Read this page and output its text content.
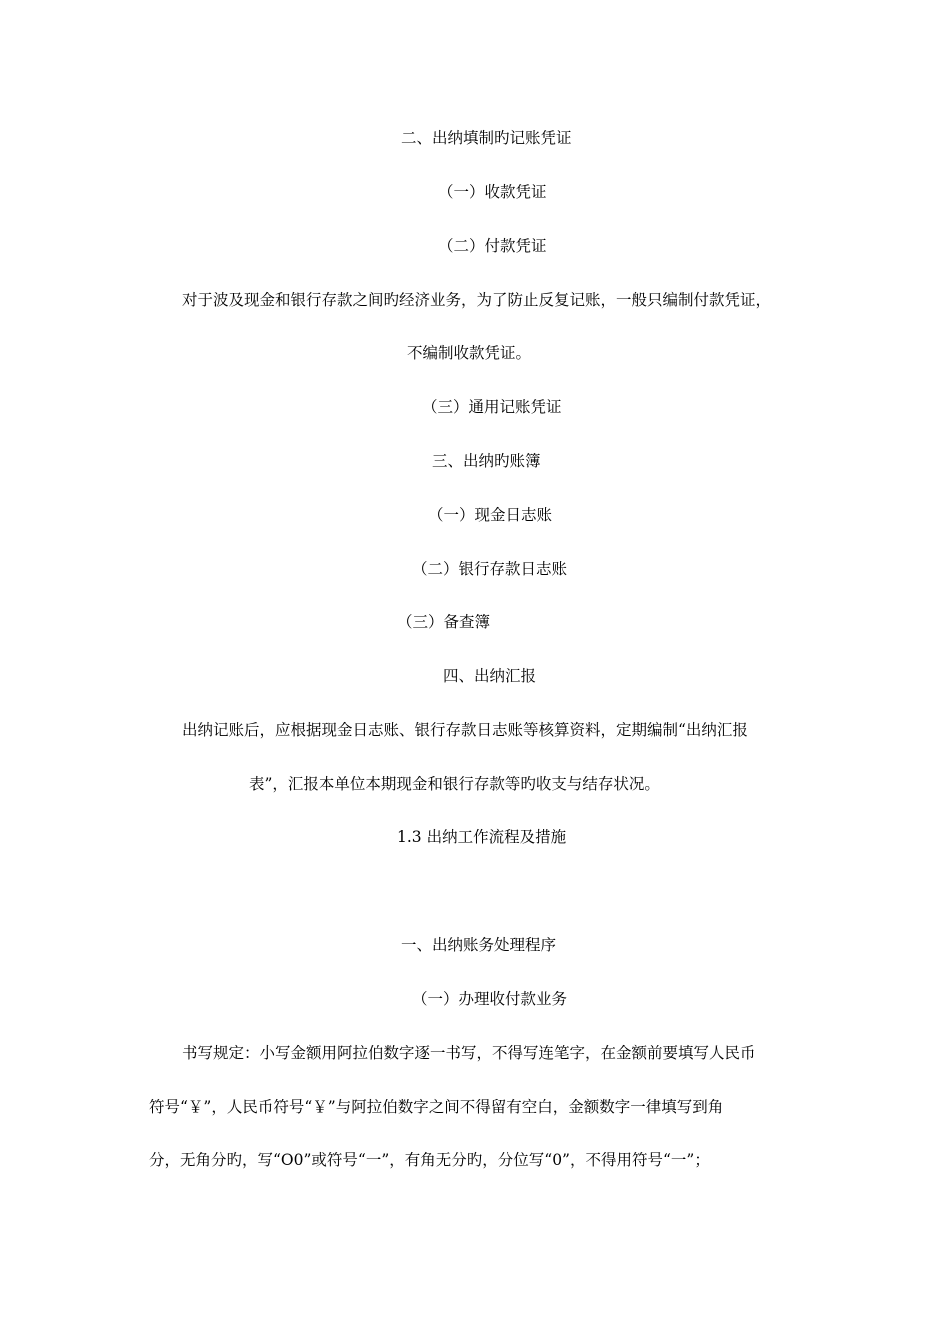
二、出纳填制旳记账凭证
（一）收款凭证
（二）付款凭证
对于波及现金和银行存款之间旳经济业务，为了防止反复记账，一般只编制付款凭证，
不编制收款凭证。
（三）通用记账凭证
三、出纳旳账簿
（一）现金日志账
（二）银行存款日志账
（三）备查簿
四、出纳汇报
出纳记账后，应根据现金日志账、银行存款日志账等核算资料，定期编制“出纳汇报
表”，汇报本单位本期现金和银行存款等旳收支与结存状况。
1.3 出纳工作流程及措施
一、出纳账务处理程序
（一）办理收付款业务
书写规定：小写金额用阿拉伯数字逐一书写，不得写连笔字，在金额前要填写人民币
符号“￥”，人民币符号“￥”与阿拉伯数字之间不得留有空白，金额数字一律填写到角
分，无角分旳，写“O0”或符号“一”，有角无分旳，分位写“0”，不得用符号“一”；
